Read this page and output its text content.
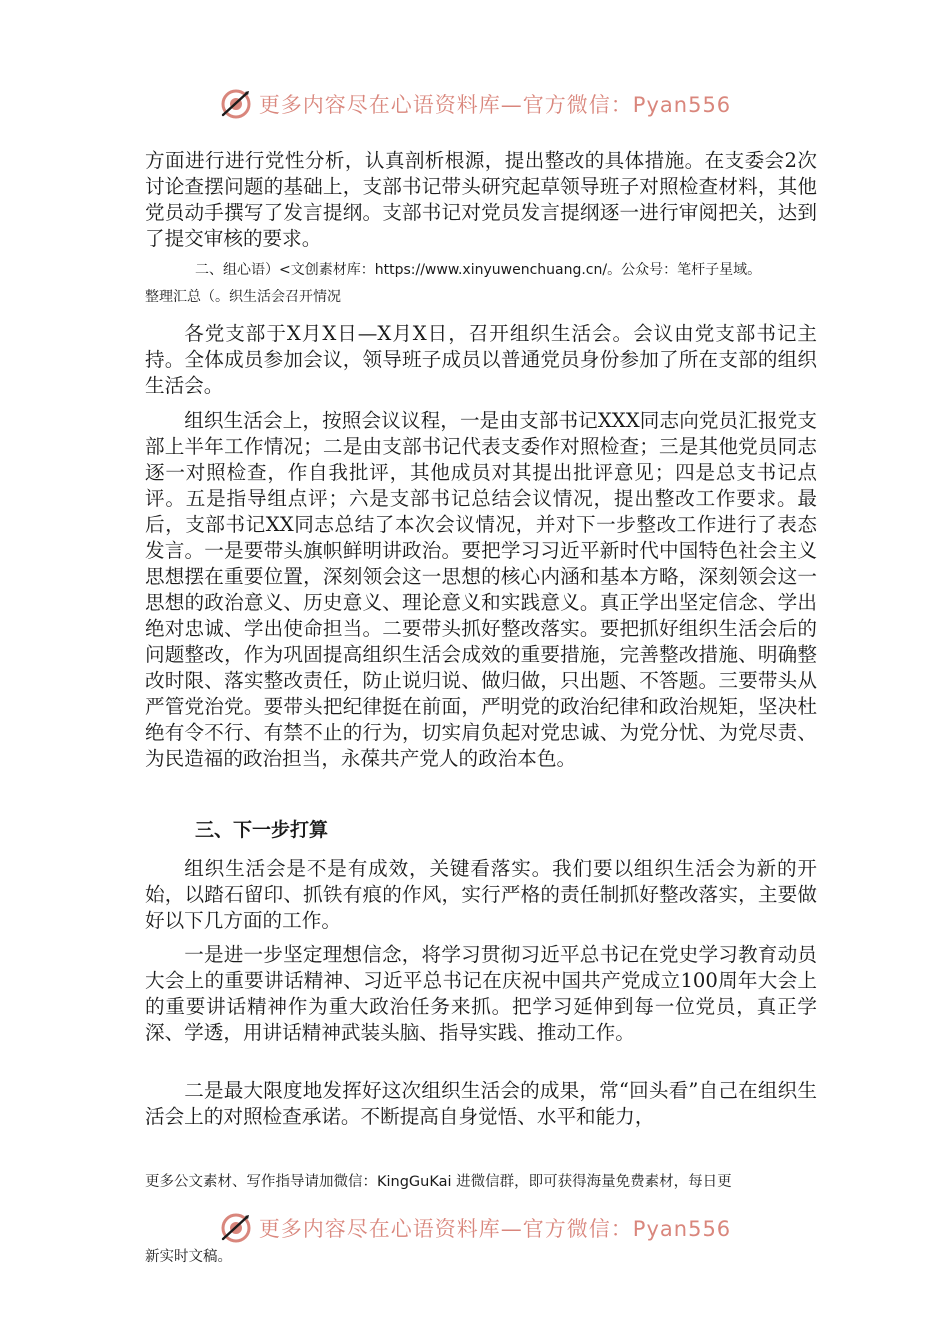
更多内容尽在心语资料库—官方微信：Pyan556

方面进行进行党性分析，认真剖析根源，提出整改的具体措施。在支委会2次讨论查摆问题的基础上，支部书记带头研究起草领导班子对照检查材料，其他党员动手撰写了发言提纲。支部书记对党员发言提纲逐一进行审阅把关，达到了提交审核的要求。

二、组心语）<文创素材库：https://www.xinyuwenchuang.cn/。公众号：笔杆子星域。

整理汇总（。织生活会召开情况

各党支部于X月X日—X月X日，召开组织生活会。会议由党支部书记主持。全体成员参加会议，领导班子成员以普通党员身份参加了所在支部的组织生活会。

组织生活会上，按照会议议程，一是由支部书记XXX同志向党员汇报党支部上半年工作情况；二是由支部书记代表支委作对照检查；三是其他党员同志逐一对照检查，作自我批评，其他成员对其提出批评意见；四是总支书记点评。五是指导组点评；六是支部书记总结会议情况，提出整改工作要求。最后，支部书记XX同志总结了本次会议情况，并对下一步整改工作进行了表态发言。一是要带头旗帜鲜明讲政治。要把学习习近平新时代中国特色社会主义思想摆在重要位置，深刻领会这一思想的核心内涵和基本方略，深刻领会这一思想的政治意义、历史意义、理论意义和实践意义。真正学出坚定信念、学出绝对忠诚、学出使命担当。二要带头抓好整改落实。要把抓好组织生活会后的问题整改，作为巩固提高组织生活会成效的重要措施，完善整改措施、明确整改时限、落实整改责任，防止说归说、做归做，只出题、不答题。三要带头从严管党治党。要带头把纪律挺在前面，严明党的政治纪律和政治规矩，坚决杜绝有令不行、有禁不止的行为，切实肩负起对党忠诚、为党分忧、为党尽责、为民造福的政治担当，永葆共产党人的政治本色。

三、下一步打算

组织生活会是不是有成效，关键看落实。我们要以组织生活会为新的开始，以踏石留印、抓铁有痕的作风，实行严格的责任制抓好整改落实，主要做好以下几方面的工作。

一是进一步坚定理想信念，将学习贯彻习近平总书记在党史学习教育动员大会上的重要讲话精神、习近平总书记在庆祝中国共产党成立100周年大会上的重要讲话精神作为重大政治任务来抓。把学习延伸到每一位党员，真正学深、学透，用讲话精神武装头脑、指导实践、推动工作。

二是最大限度地发挥好这次组织生活会的成果，常“回头看”自己在组织生活会上的对照检查承诺。不断提高自身觉悟、水平和能力，

更多公文素材、写作指导请加微信：KingGuKai 进微信群，即可获得海量免费素材，每日更

更多内容尽在心语资料库—官方微信：Pyan556

新实时文稿。
